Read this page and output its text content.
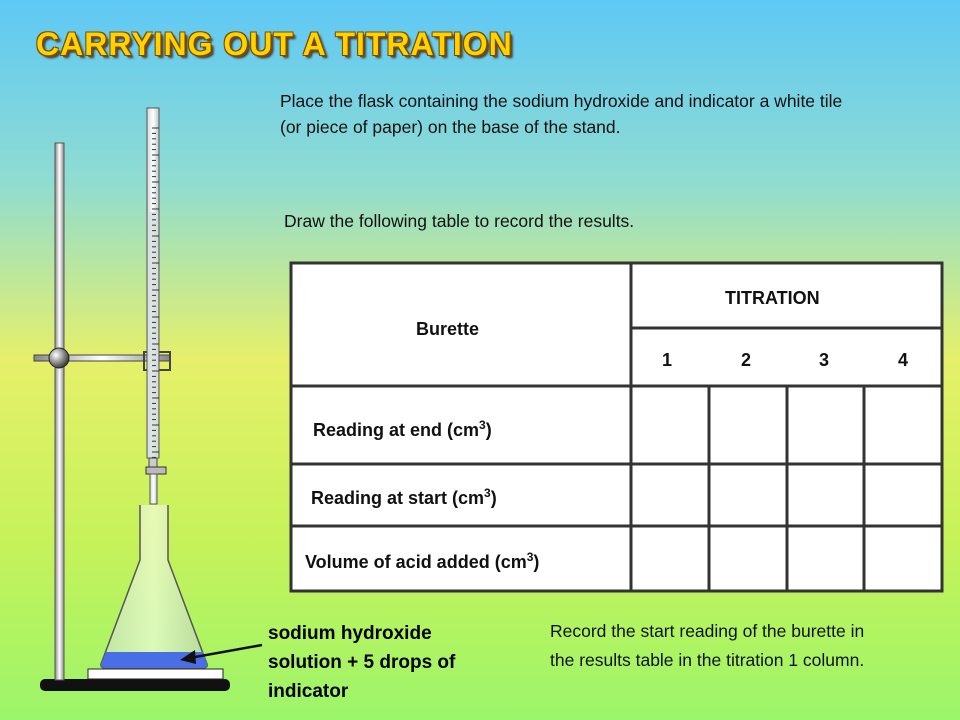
CARRYING OUT A TITRATION

Place the flask containing the sodium hydroxide and indicator a white tile (or piece of paper) on the base of the stand.

Draw the following table to record the results.

Record the start reading of the burette in the results table in the titration 1 column.

sodium hydroxide solution + 5 drops of indicator

Burette
TITRATION
1	2	3	4
Reading at end $(cm^3)$
Reading at start $(cm^3)$
Volume of acid added $(cm^3)$
